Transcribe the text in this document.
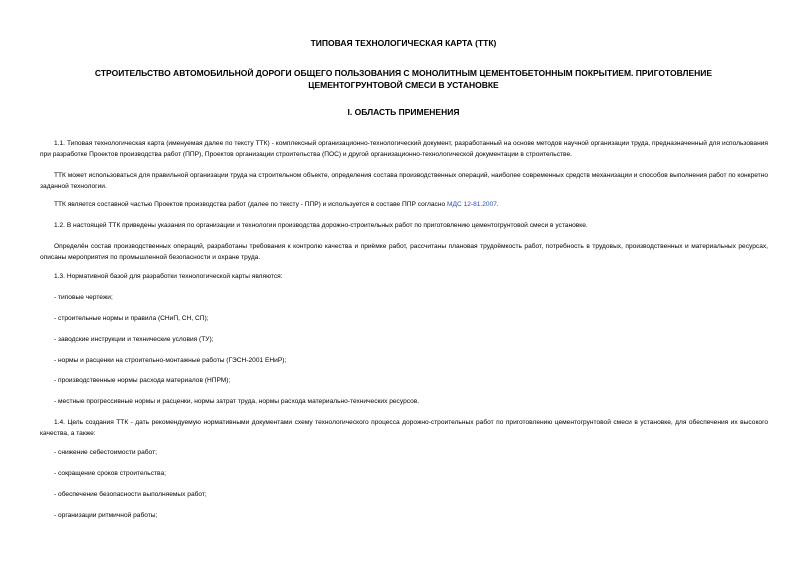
ТИПОВАЯ ТЕХНОЛОГИЧЕСКАЯ КАРТА (ТТК)
СТРОИТЕЛЬСТВО АВТОМОБИЛЬНОЙ ДОРОГИ ОБЩЕГО ПОЛЬЗОВАНИЯ С МОНОЛИТНЫМ ЦЕМЕНТОБЕТОННЫМ ПОКРЫТИЕМ. ПРИГОТОВЛЕНИЕ ЦЕМЕНТОГРУНТОВОЙ СМЕСИ В УСТАНОВКЕ
I. ОБЛАСТЬ ПРИМЕНЕНИЯ

1.1. Типовая технологическая карта (именуемая далее по тексту ТТК) - комплексный организационно-технологический документ, разработанный на основе методов научной организации труда, предназначенный для использования при разработке Проектов производства работ (ППР), Проектов организации строительства (ПОС) и другой организационно-технологической документации в строительстве.

ТТК может использоваться для правильной организации труда на строительном объекте, определения состава производственных операций, наиболее современных средств механизации и способов выполнения работ по конкретно заданной технологии.

ТТК является составной частью Проектов производства работ (далее по тексту - ППР) и используется в составе ППР согласно МДС 12-81.2007.

1.2. В настоящей ТТК приведены указания по организации и технологии производства дорожно-строительных работ по приготовлению цементогрунтовой смеси в установке.

Определён состав производственных операций, разработаны требования к контролю качества и приёмке работ, рассчитаны плановая трудоёмкость работ, потребность в трудовых, производственных и материальных ресурсах, описаны мероприятия по промышленной безопасности и охране труда.

1.3. Нормативной базой для разработки технологической карты являются:

- типовые чертежи;

- строительные нормы и правила (СНиП, СН, СП);

- заводские инструкции и технические условия (ТУ);

- нормы и расценки на строительно-монтажные работы (ГЭСН-2001 ЕНиР);

- производственные нормы расхода материалов (НПРМ);

- местные прогрессивные нормы и расценки, нормы затрат труда, нормы расхода материально-технических ресурсов.

1.4. Цель создания ТТК - дать рекомендуемую нормативными документами схему технологического процесса дорожно-строительных работ по приготовлению цементогрунтовой смеси в установке, для обеспечения их высокого качества, а также:

- снижение себестоимости работ;

- сокращение сроков строительства;

- обеспечение безопасности выполняемых работ;

- организации ритмичной работы;
